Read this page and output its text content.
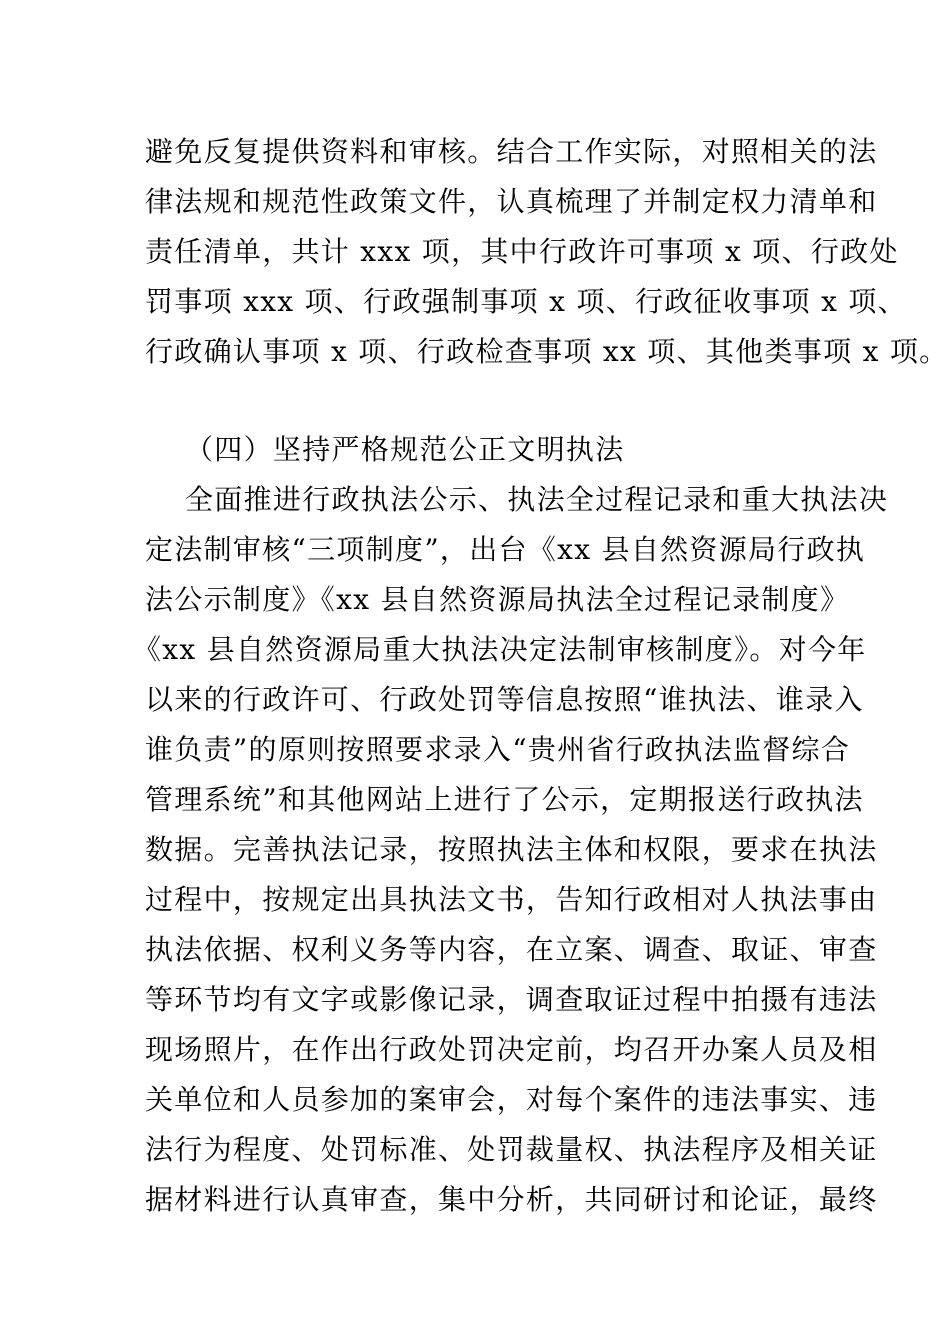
避免反复提供资料和审核。结合工作实际，对照相关的法
律法规和规范性政策文件，认真梳理了并制定权力清单和
责任清单，共计 xxx 项，其中行政许可事项 x 项、行政处
罚事项 xxx 项、行政强制事项 x 项、行政征收事项 x 项、
行政确认事项 x 项、行政检查事项 xx 项、其他类事项 x 项。
（四）坚持严格规范公正文明执法
全面推进行政执法公示、执法全过程记录和重大执法决
定法制审核“三项制度”，出台《xx 县自然资源局行政执
法公示制度》《xx 县自然资源局执法全过程记录制度》
《xx 县自然资源局重大执法决定法制审核制度》。对今年
以来的行政许可、行政处罚等信息按照“谁执法、谁录入
谁负责”的原则按照要求录入“贵州省行政执法监督综合
管理系统”和其他网站上进行了公示，定期报送行政执法
数据。完善执法记录，按照执法主体和权限，要求在执法
过程中，按规定出具执法文书，告知行政相对人执法事由
执法依据、权利义务等内容，在立案、调查、取证、审查
等环节均有文字或影像记录，调查取证过程中拍摄有违法
现场照片，在作出行政处罚决定前，均召开办案人员及相
关单位和人员参加的案审会，对每个案件的违法事实、违
法行为程度、处罚标准、处罚裁量权、执法程序及相关证
据材料进行认真审查，集中分析，共同研讨和论证，最终
